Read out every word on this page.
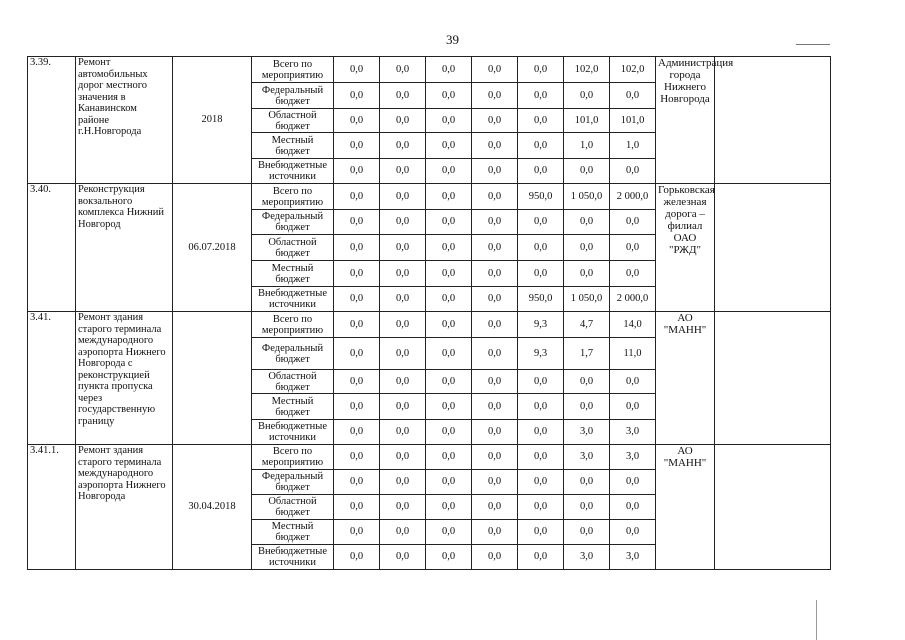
39
3.39.	Ремонт автомобильных дорог местного значения в Канавинском районе г.Н.Новгорода	2018	Всего по мероприятию	0,0	0,0	0,0	0,0	0,0	102,0	102,0	Администрация города Нижнего Новгорода	
			Федеральный бюджет	0,0	0,0	0,0	0,0	0,0	0,0	0,0		
			Областной бюджет	0,0	0,0	0,0	0,0	0,0	101,0	101,0		
			Местный бюджет	0,0	0,0	0,0	0,0	0,0	1,0	1,0		
			Внебюджетные источники	0,0	0,0	0,0	0,0	0,0	0,0	0,0		
3.40.	Реконструкция вокзального комплекса Нижний Новгород	06.07.2018	Всего по мероприятию	0,0	0,0	0,0	0,0	950,0	1 050,0	2 000,0	Горьковская железная дорога – филиал ОАО "РЖД"	
			Федеральный бюджет	0,0	0,0	0,0	0,0	0,0	0,0	0,0		
			Областной бюджет	0,0	0,0	0,0	0,0	0,0	0,0	0,0		
			Местный бюджет	0,0	0,0	0,0	0,0	0,0	0,0	0,0		
			Внебюджетные источники	0,0	0,0	0,0	0,0	950,0	1 050,0	2 000,0		
3.41.	Ремонт здания старого терминала международного аэропорта Нижнего Новгорода с реконструкцией пункта пропуска через государственную границу		Всего по мероприятию	0,0	0,0	0,0	0,0	9,3	4,7	14,0	АО "МАНН"	
			Федеральный бюджет	0,0	0,0	0,0	0,0	9,3	1,7	11,0		
			Областной бюджет	0,0	0,0	0,0	0,0	0,0	0,0	0,0		
			Местный бюджет	0,0	0,0	0,0	0,0	0,0	0,0	0,0		
			Внебюджетные источники	0,0	0,0	0,0	0,0	0,0	3,0	3,0		
3.41.1.	Ремонт здания старого терминала международного аэропорта Нижнего Новгорода	30.04.2018	Всего по мероприятию	0,0	0,0	0,0	0,0	0,0	3,0	3,0	АО "МАНН"	
			Федеральный бюджет	0,0	0,0	0,0	0,0	0,0	0,0	0,0		
			Областной бюджет	0,0	0,0	0,0	0,0	0,0	0,0	0,0		
			Местный бюджет	0,0	0,0	0,0	0,0	0,0	0,0	0,0		
			Внебюджетные источники	0,0	0,0	0,0	0,0	0,0	3,0	3,0		
